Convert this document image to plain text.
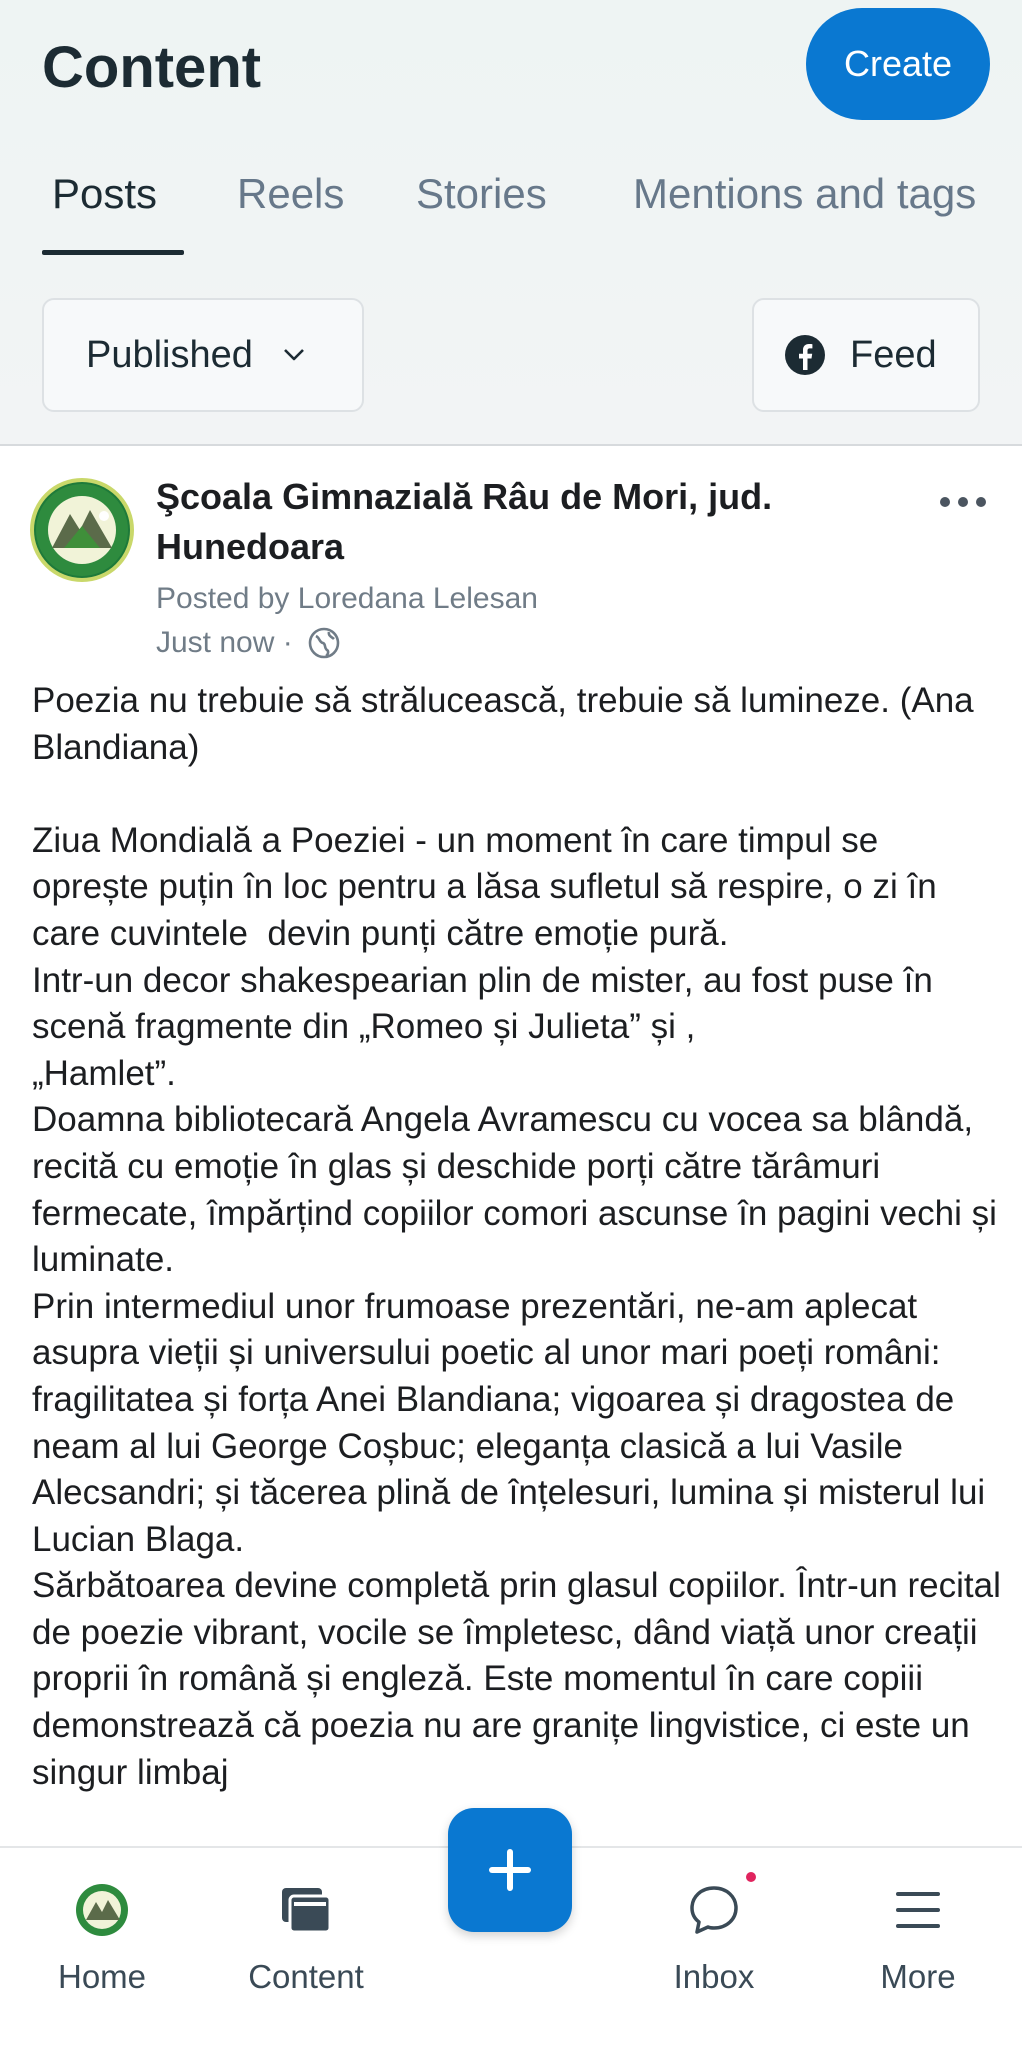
Content	Create
Posts Reels Stories Mentions and tags
Published	Feed
Şcoala Gimnazială Râu de Mori, jud. Hunedoara
Posted by Loredana Lelesan
Just now ·
Poezia nu trebuie să strălucească, trebuie să lumineze. (Ana Blandiana)

Ziua Mondială a Poeziei - un moment în care timpul se oprește puțin în loc pentru a lăsa sufletul să respire, o zi în care cuvintele  devin punți către emoție pură.
Intr-un decor shakespearian plin de mister, au fost puse în scenă fragmente din „Romeo și Julieta” și ,
„Hamlet”.
Doamna bibliotecară Angela Avramescu cu vocea sa blândă, recită cu emoție în glas și deschide porți către tărâmuri fermecate, împărțind copiilor comori ascunse în pagini vechi și luminate.
Prin intermediul unor frumoase prezentări, ne-am aplecat asupra vieții și universului poetic al unor mari poeți români: fragilitatea și forța Anei Blandiana; vigoarea și dragostea de neam al lui George Coșbuc; eleganța clasică a lui Vasile Alecsandri; și tăcerea plină de înțelesuri, lumina și misterul lui Lucian Blaga.
Sărbătoarea devine completă prin glasul copiilor. Într-un recital de poezie vibrant, vocile se împletesc, dând viață unor creații proprii în română și engleză. Este momentul în care copiii demonstrează că poezia nu are granițe lingvistice, ci este un singur limbaj
Home	Content	Inbox	More
